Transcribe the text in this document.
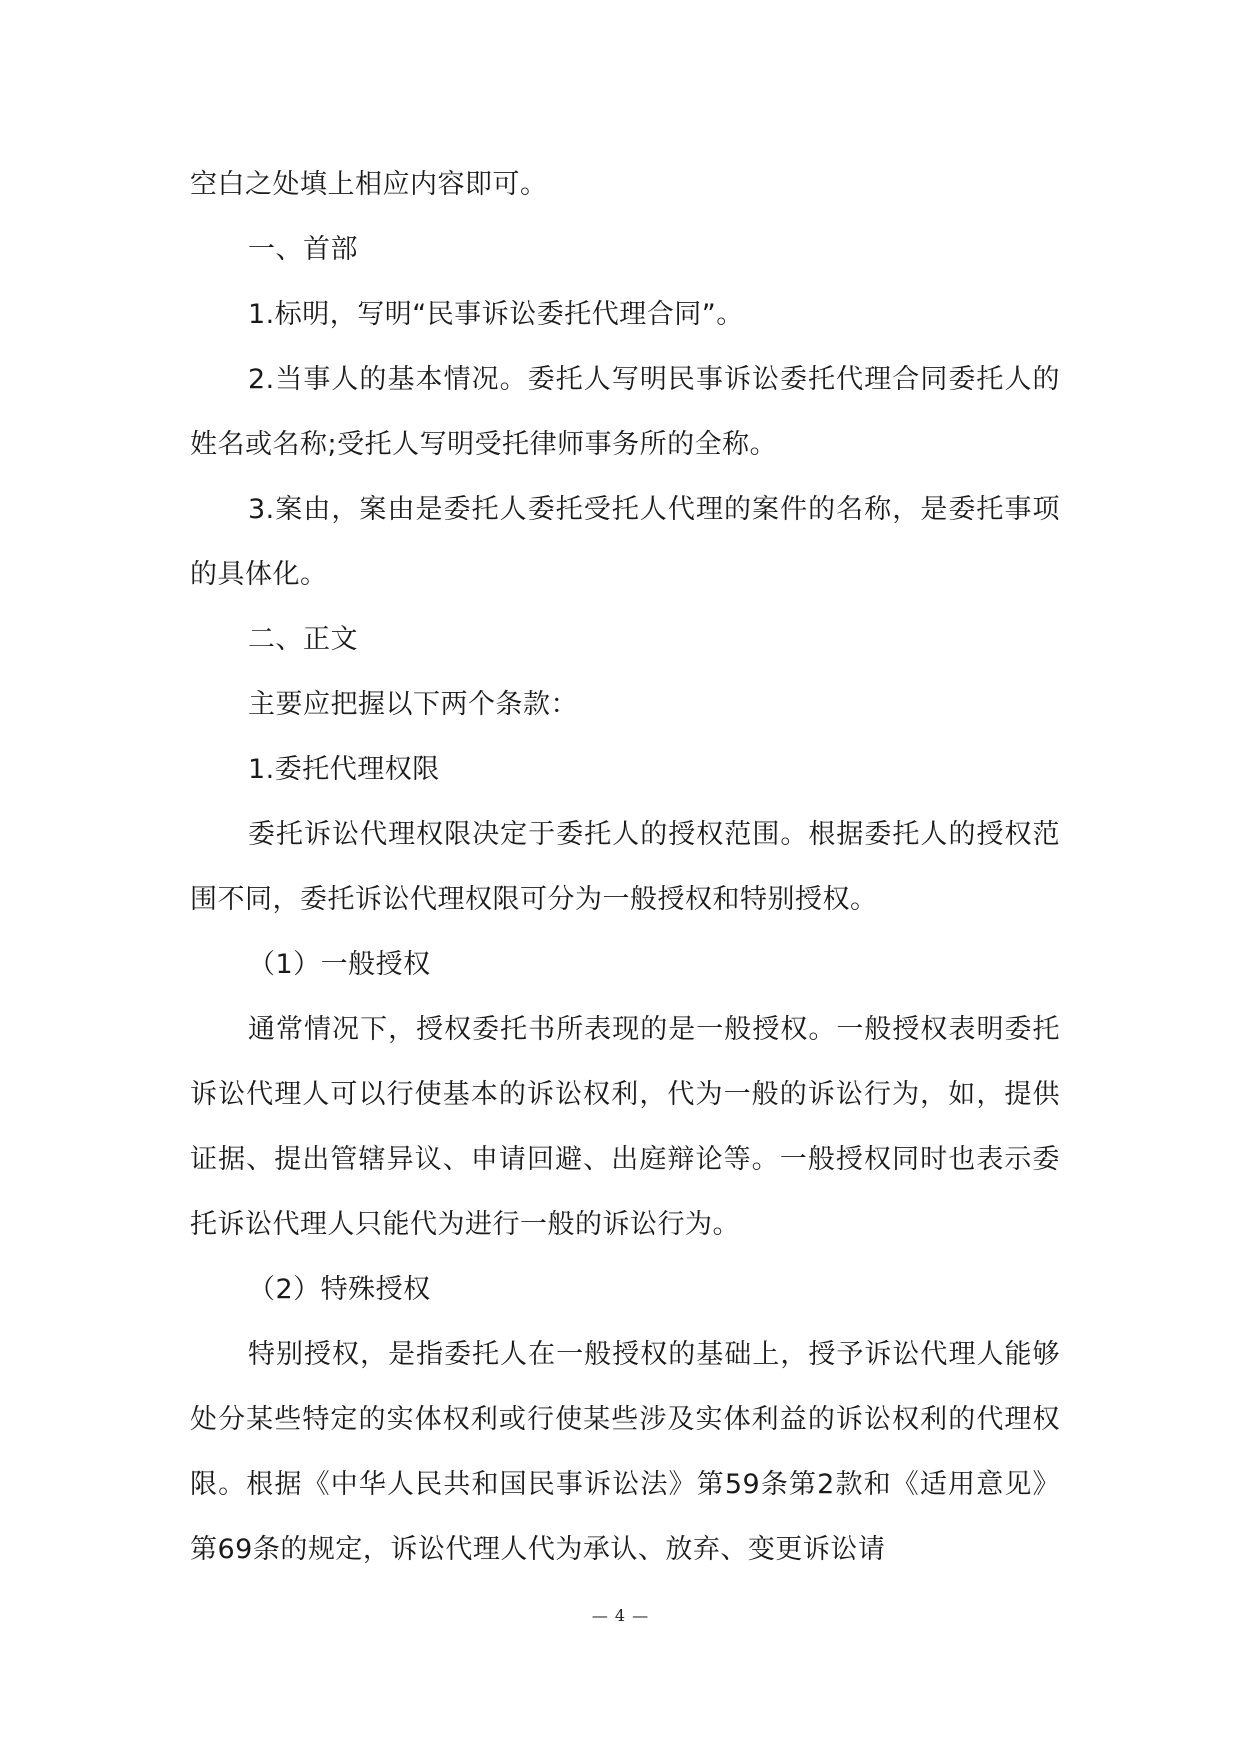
空白之处填上相应内容即可。

一、首部

1.标明，写明“民事诉讼委托代理合同”。

2.当事人的基本情况。委托人写明民事诉讼委托代理合同委托人的姓名或名称;受托人写明受托律师事务所的全称。

3.案由，案由是委托人委托受托人代理的案件的名称，是委托事项的具体化。

二、正文

主要应把握以下两个条款：

1.委托代理权限

委托诉讼代理权限决定于委托人的授权范围。根据委托人的授权范围不同，委托诉讼代理权限可分为一般授权和特别授权。

（1）一般授权

通常情况下，授权委托书所表现的是一般授权。一般授权表明委托诉讼代理人可以行使基本的诉讼权利，代为一般的诉讼行为，如，提供证据、提出管辖异议、申请回避、出庭辩论等。一般授权同时也表示委托诉讼代理人只能代为进行一般的诉讼行为。

（2）特殊授权

特别授权，是指委托人在一般授权的基础上，授予诉讼代理人能够处分某些特定的实体权利或行使某些涉及实体利益的诉讼权利的代理权限。根据《中华人民共和国民事诉讼法》第59条第2款和《适用意见》第69条的规定，诉讼代理人代为承认、放弃、变更诉讼请

— 4 —
